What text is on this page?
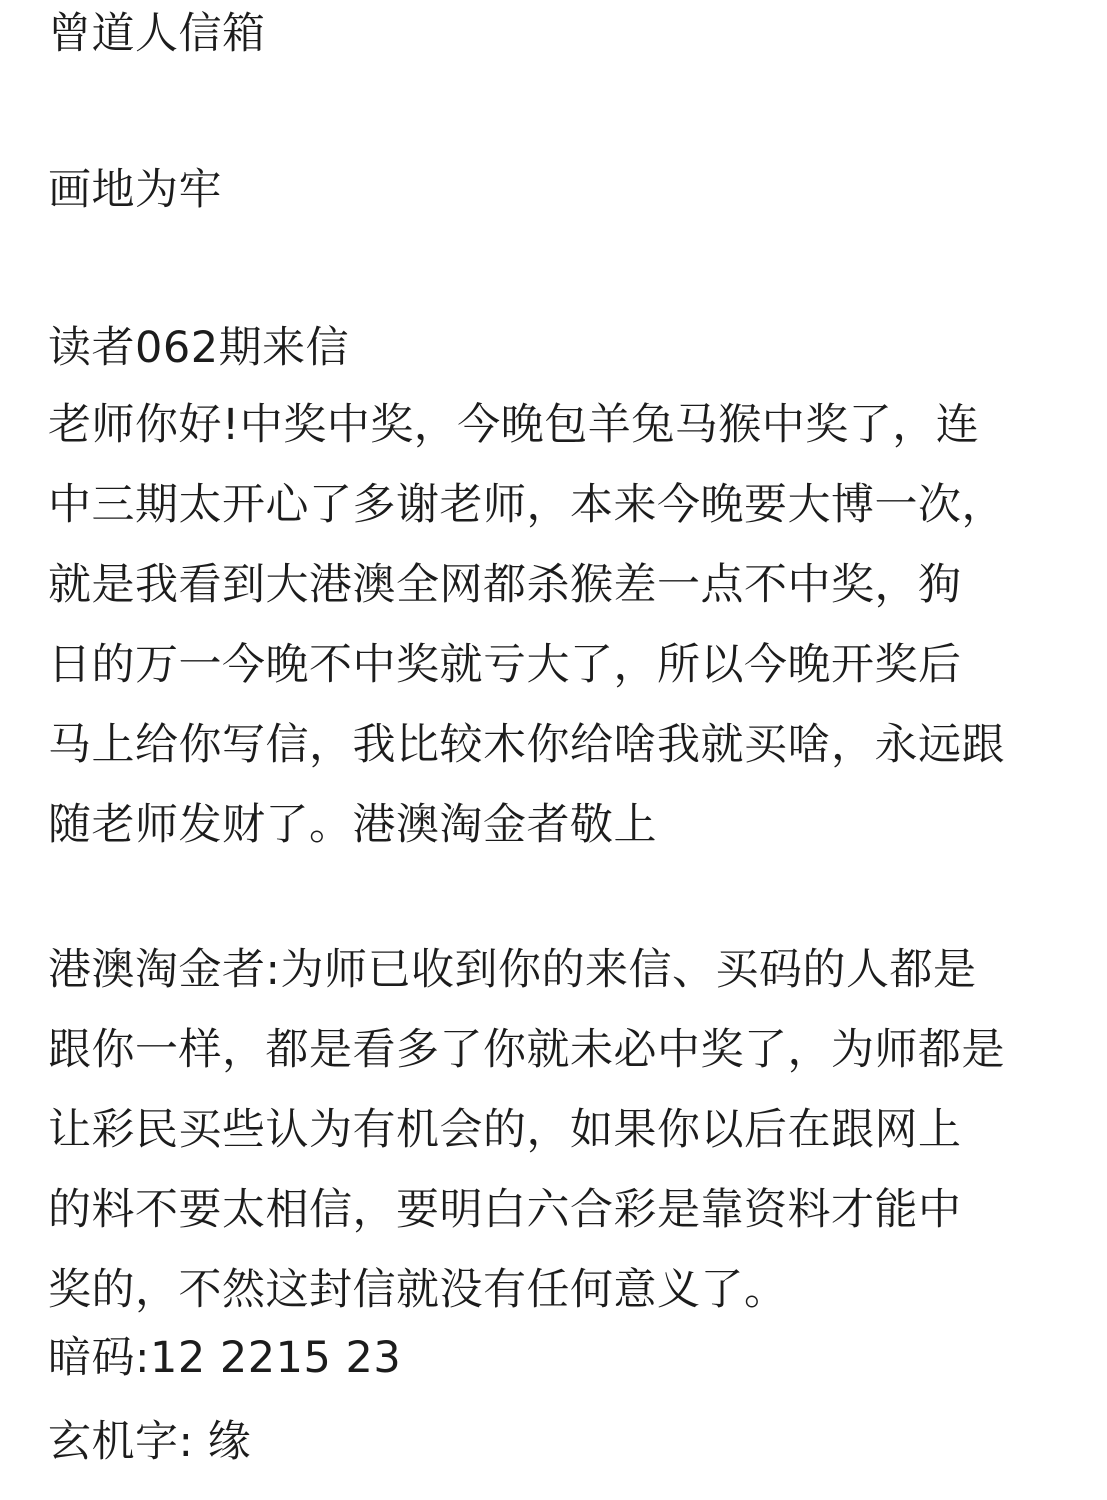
曾道人信箱
画地为牢
读者062期来信
老师你好!中奖中奖，今晚包羊兔马猴中奖了，连
中三期太开心了多谢老师，本来今晚要大博一次，
就是我看到大港澳全网都杀猴差一点不中奖，狗
日的万一今晚不中奖就亏大了，所以今晚开奖后
马上给你写信，我比较木你给啥我就买啥，永远跟
随老师发财了。港澳淘金者敬上
港澳淘金者:为师已收到你的来信、买码的人都是
跟你一样，都是看多了你就未必中奖了，为师都是
让彩民买些认为有机会的，如果你以后在跟网上
的料不要太相信，要明白六合彩是靠资料才能中
奖的，不然这封信就没有任何意义了。
暗码:12 2215 23
玄机字: 缘
